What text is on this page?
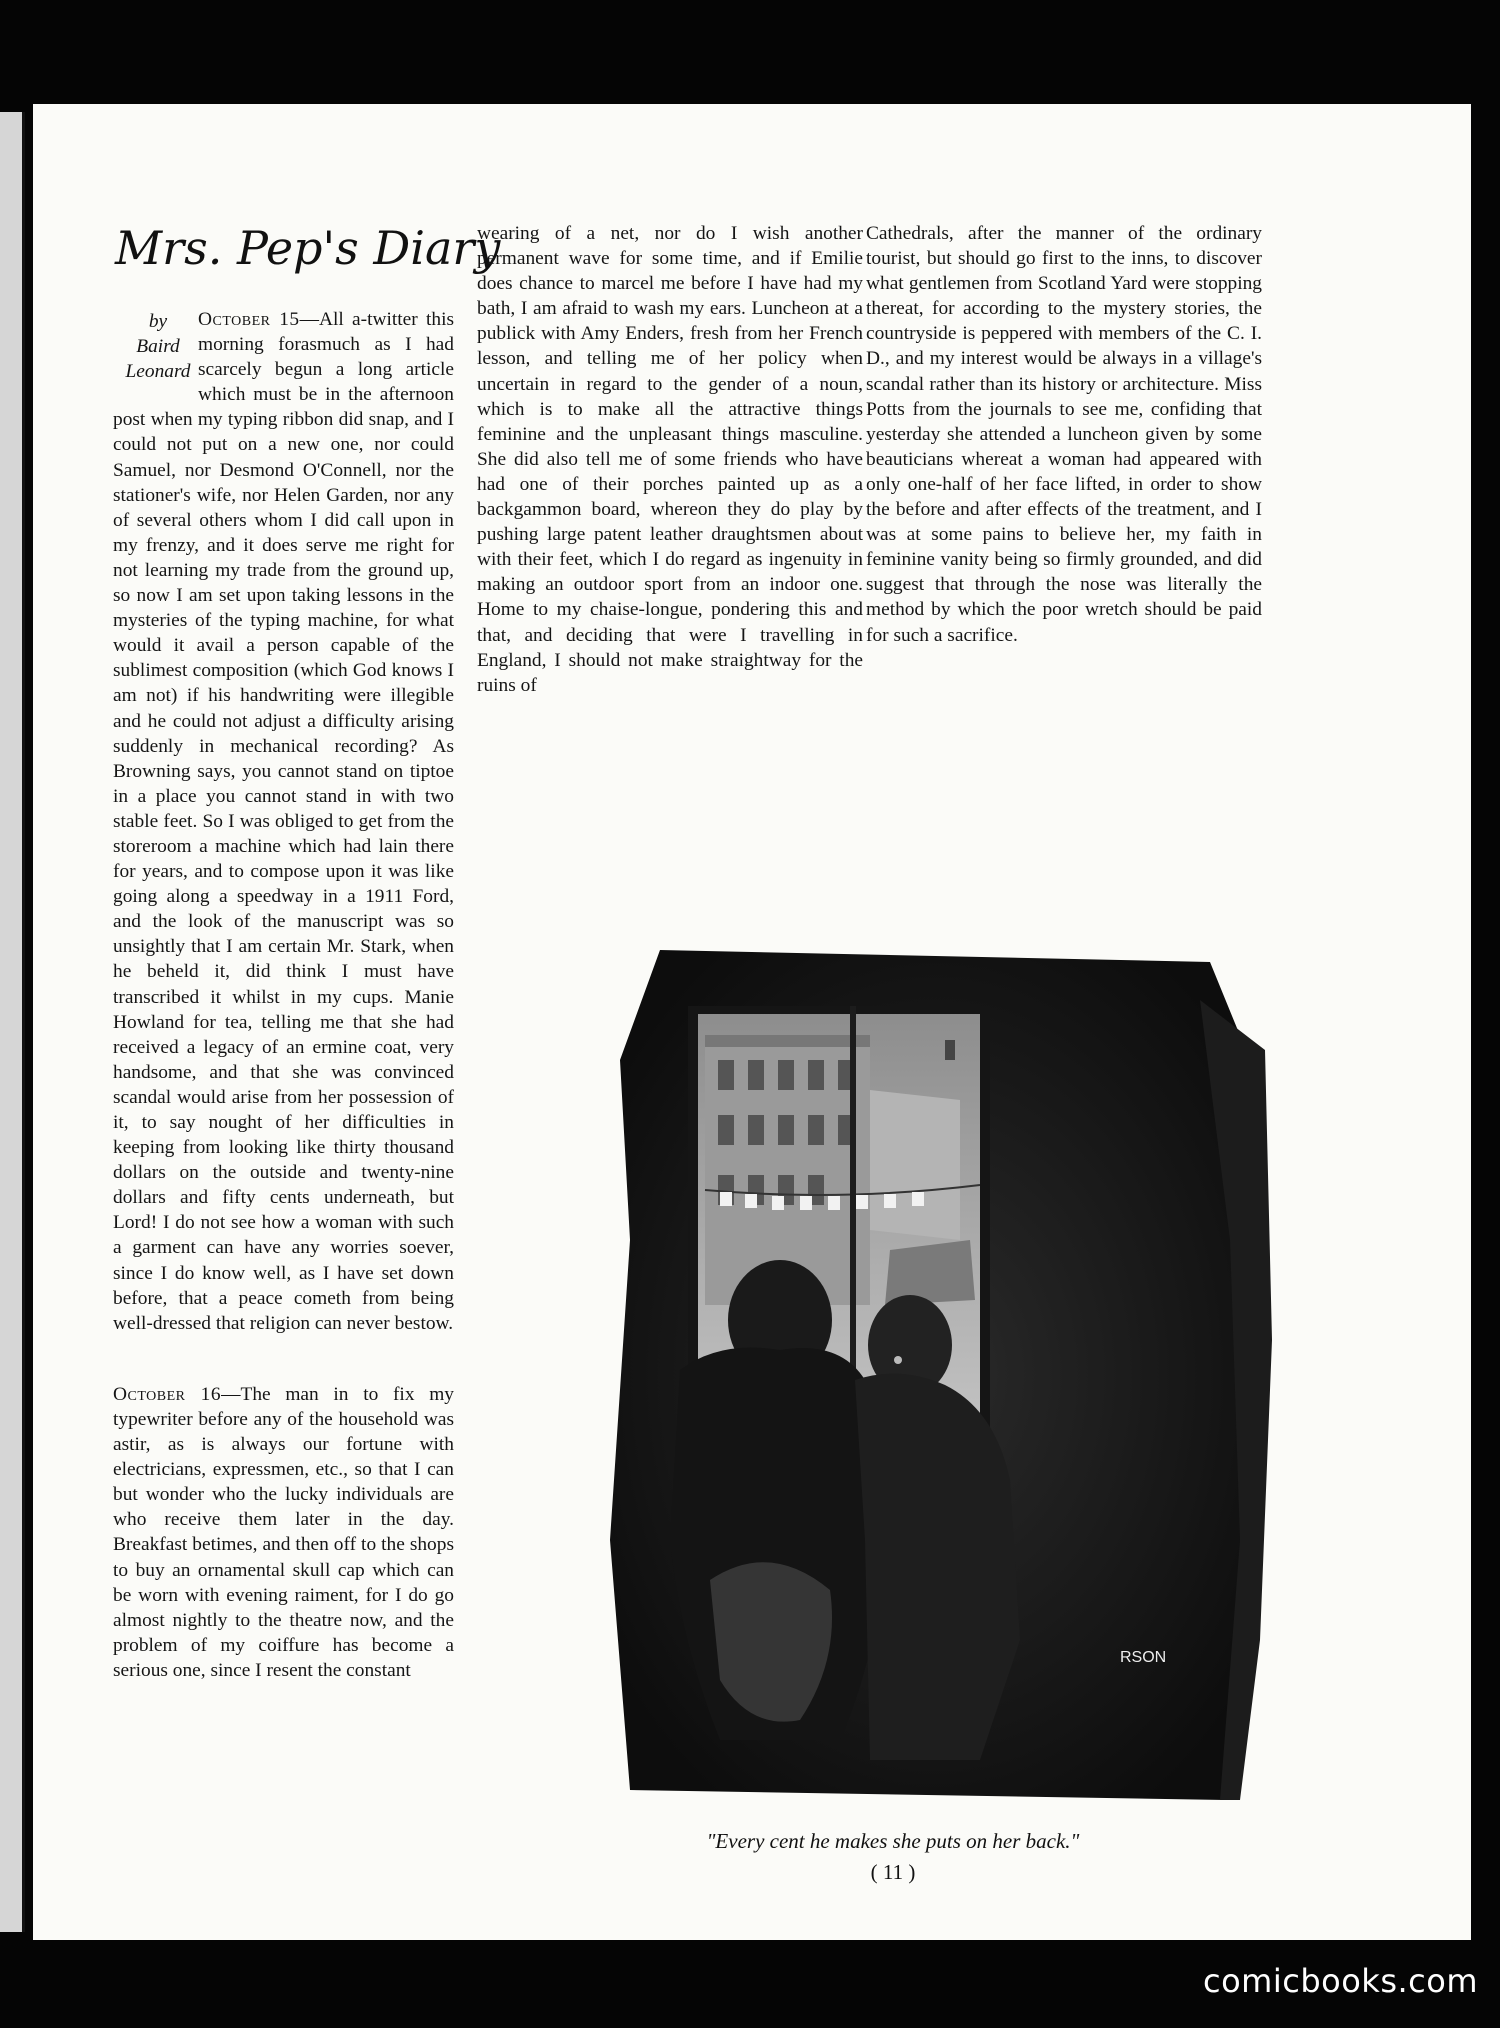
Mrs. Pep's Diary
by
Baird
Leonard

October 15—All a-twitter this morning forasmuch as I had scarcely begun a long article which must be in the afternoon post when my typing ribbon did snap, and I could not put on a new one, nor could Samuel, nor Desmond O'Connell, nor the stationer's wife, nor Helen Garden, nor any of several others whom I did call upon in my frenzy, and it does serve me right for not learning my trade from the ground up, so now I am set upon taking lessons in the mysteries of the typing machine, for what would it avail a person capable of the sublimest composition (which God knows I am not) if his handwriting were illegible and he could not adjust a difficulty arising suddenly in mechanical recording? As Browning says, you cannot stand on tiptoe in a place you cannot stand in with two stable feet. So I was obliged to get from the storeroom a machine which had lain there for years, and to compose upon it was like going along a speedway in a 1911 Ford, and the look of the manuscript was so unsightly that I am certain Mr. Stark, when he beheld it, did think I must have transcribed it whilst in my cups. Manie Howland for tea, telling me that she had received a legacy of an ermine coat, very handsome, and that she was convinced scandal would arise from her possession of it, to say nought of her difficulties in keeping from looking like thirty thousand dollars on the outside and twenty-nine dollars and fifty cents underneath, but Lord! I do not see how a woman with such a garment can have any worries soever, since I do know well, as I have set down before, that a peace cometh from being well-dressed that religion can never bestow.

October 16—The man in to fix my typewriter before any of the household was astir, as is always our fortune with electricians, expressmen, etc., so that I can but wonder who the lucky individuals are who receive them later in the day. Breakfast betimes, and then off to the shops to buy an ornamental skull cap which can be worn with evening raiment, for I do go almost nightly to the theatre now, and the problem of my coiffure has become a serious one, since I resent the constant

wearing of a net, nor do I wish another permanent wave for some time, and if Emilie does chance to marcel me before I have had my bath, I am afraid to wash my ears. Luncheon at a publick with Amy Enders, fresh from her French lesson, and telling me of her policy when uncertain in regard to the gender of a noun, which is to make all the attractive things feminine and the unpleasant things masculine. She did also tell me of some friends who have had one of their porches painted up as a backgammon board, whereon they do play by pushing large patent leather draughtsmen about with their feet, which I do regard as ingenuity in making an outdoor sport from an indoor one. Home to my chaise-longue, pondering this and that, and deciding that were I travelling in England, I should not make straightway for the ruins of

Cathedrals, after the manner of the ordinary tourist, but should go first to the inns, to discover what gentlemen from Scotland Yard were stopping thereat, for according to the mystery stories, the countryside is peppered with members of the C. I. D., and my interest would be always in a village's scandal rather than its history or architecture. Miss Potts from the journals to see me, confiding that yesterday she attended a luncheon given by some beauticians whereat a woman had appeared with only one-half of her face lifted, in order to show the before and after effects of the treatment, and I was at some pains to believe her, my faith in feminine vanity being so firmly grounded, and did suggest that through the nose was literally the method by which the poor wretch should be paid for such a sacrifice.

RSON
"Every cent he makes she puts on her back."
( 11 )
comicbooks.com
